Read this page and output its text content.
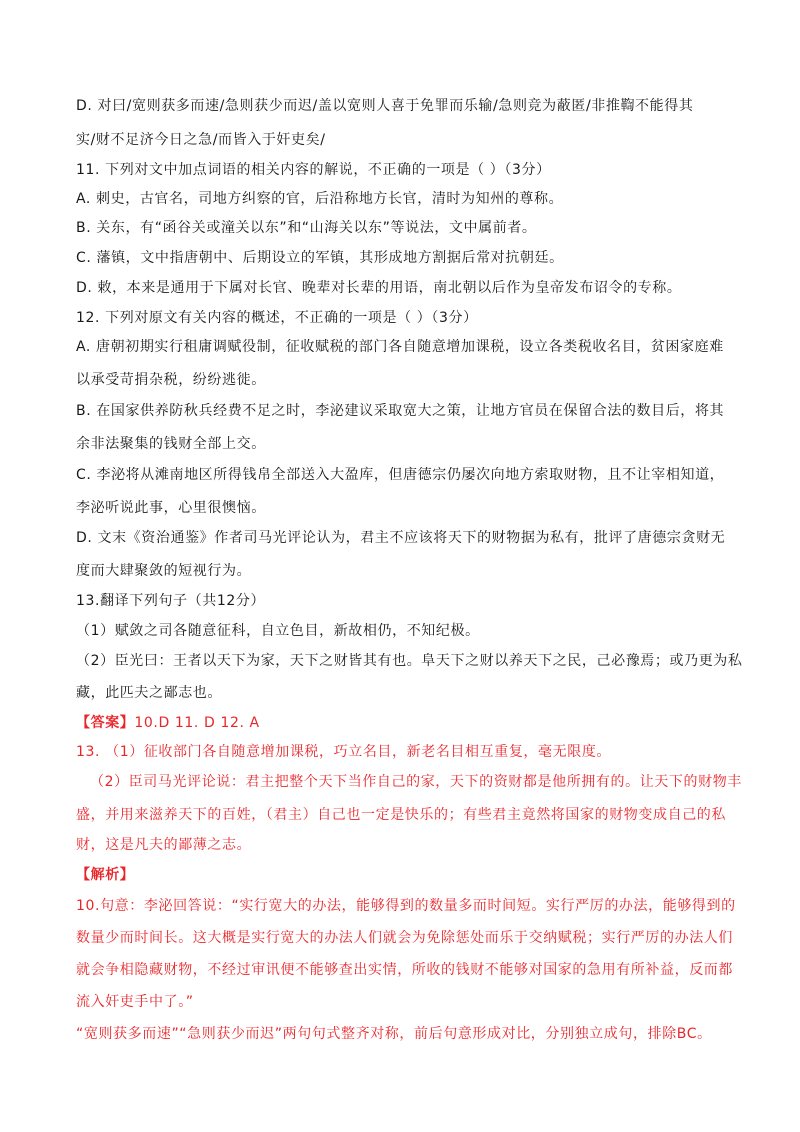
D. 对曰/宽则获多而速/急则获少而迟/盖以宽则人喜于免罪而乐输/急则竞为蔽匿/非推鞫不能得其
实/财不足济今日之急/而皆入于奸吏矣/
11. 下列对文中加点词语的相关内容的解说，不正确的一项是（ ）（3分）
A. 刺史，古官名，司地方纠察的官，后沿称地方长官，清时为知州的尊称。
B. 关东，有“函谷关或潼关以东”和“山海关以东”等说法，文中属前者。
C. 藩镇，文中指唐朝中、后期设立的军镇，其形成地方割据后常对抗朝廷。
D. 敕，本来是通用于下属对长官、晚辈对长辈的用语，南北朝以后作为皇帝发布诏令的专称。
12. 下列对原文有关内容的概述，不正确的一项是（ ）（3分）
A. 唐朝初期实行租庸调赋役制，征收赋税的部门各自随意增加课税，设立各类税收名目，贫困家庭难
以承受苛捐杂税，纷纷逃徙。
B. 在国家供养防秋兵经费不足之时，李泌建议采取宽大之策，让地方官员在保留合法的数目后，将其
余非法聚集的钱财全部上交。
C. 李泌将从滩南地区所得钱帛全部送入大盈库，但唐德宗仍屡次向地方索取财物，且不让宰相知道，
李泌听说此事，心里很懊恼。
D. 文末《资治通鉴》作者司马光评论认为，君主不应该将天下的财物据为私有，批评了唐德宗贪财无
度而大肆聚敛的短视行为。
13.翻译下列句子（共12分）
（1）赋敛之司各随意征科，自立色目，新故相仍，不知纪极。
（2）臣光曰：王者以天下为家，天下之财皆其有也。阜天下之财以养天下之民，己必豫焉；或乃更为私
藏，此匹夫之鄙志也。
【答案】10.D 11. D 12. A
13. （1）征收部门各自随意增加课税，巧立名目，新老名目相互重复，毫无限度。
（2）臣司马光评论说：君主把整个天下当作自己的家，天下的资财都是他所拥有的。让天下的财物丰
盛，并用来滋养天下的百姓，（君主）自己也一定是快乐的；有些君主竟然将国家的财物变成自己的私
财，这是凡夫的鄙薄之志。
【解析】
10.句意：李泌回答说：“实行宽大的办法，能够得到的数量多而时间短。实行严厉的办法，能够得到的
数量少而时间长。这大概是实行宽大的办法人们就会为免除惩处而乐于交纳赋税；实行严厉的办法人们
就会争相隐藏财物，不经过审讯便不能够查出实情，所收的钱财不能够对国家的急用有所补益，反而都
流入奸吏手中了。”
“宽则获多而速”“急则获少而迟”两句句式整齐对称，前后句意形成对比，分别独立成句，排除BC。
